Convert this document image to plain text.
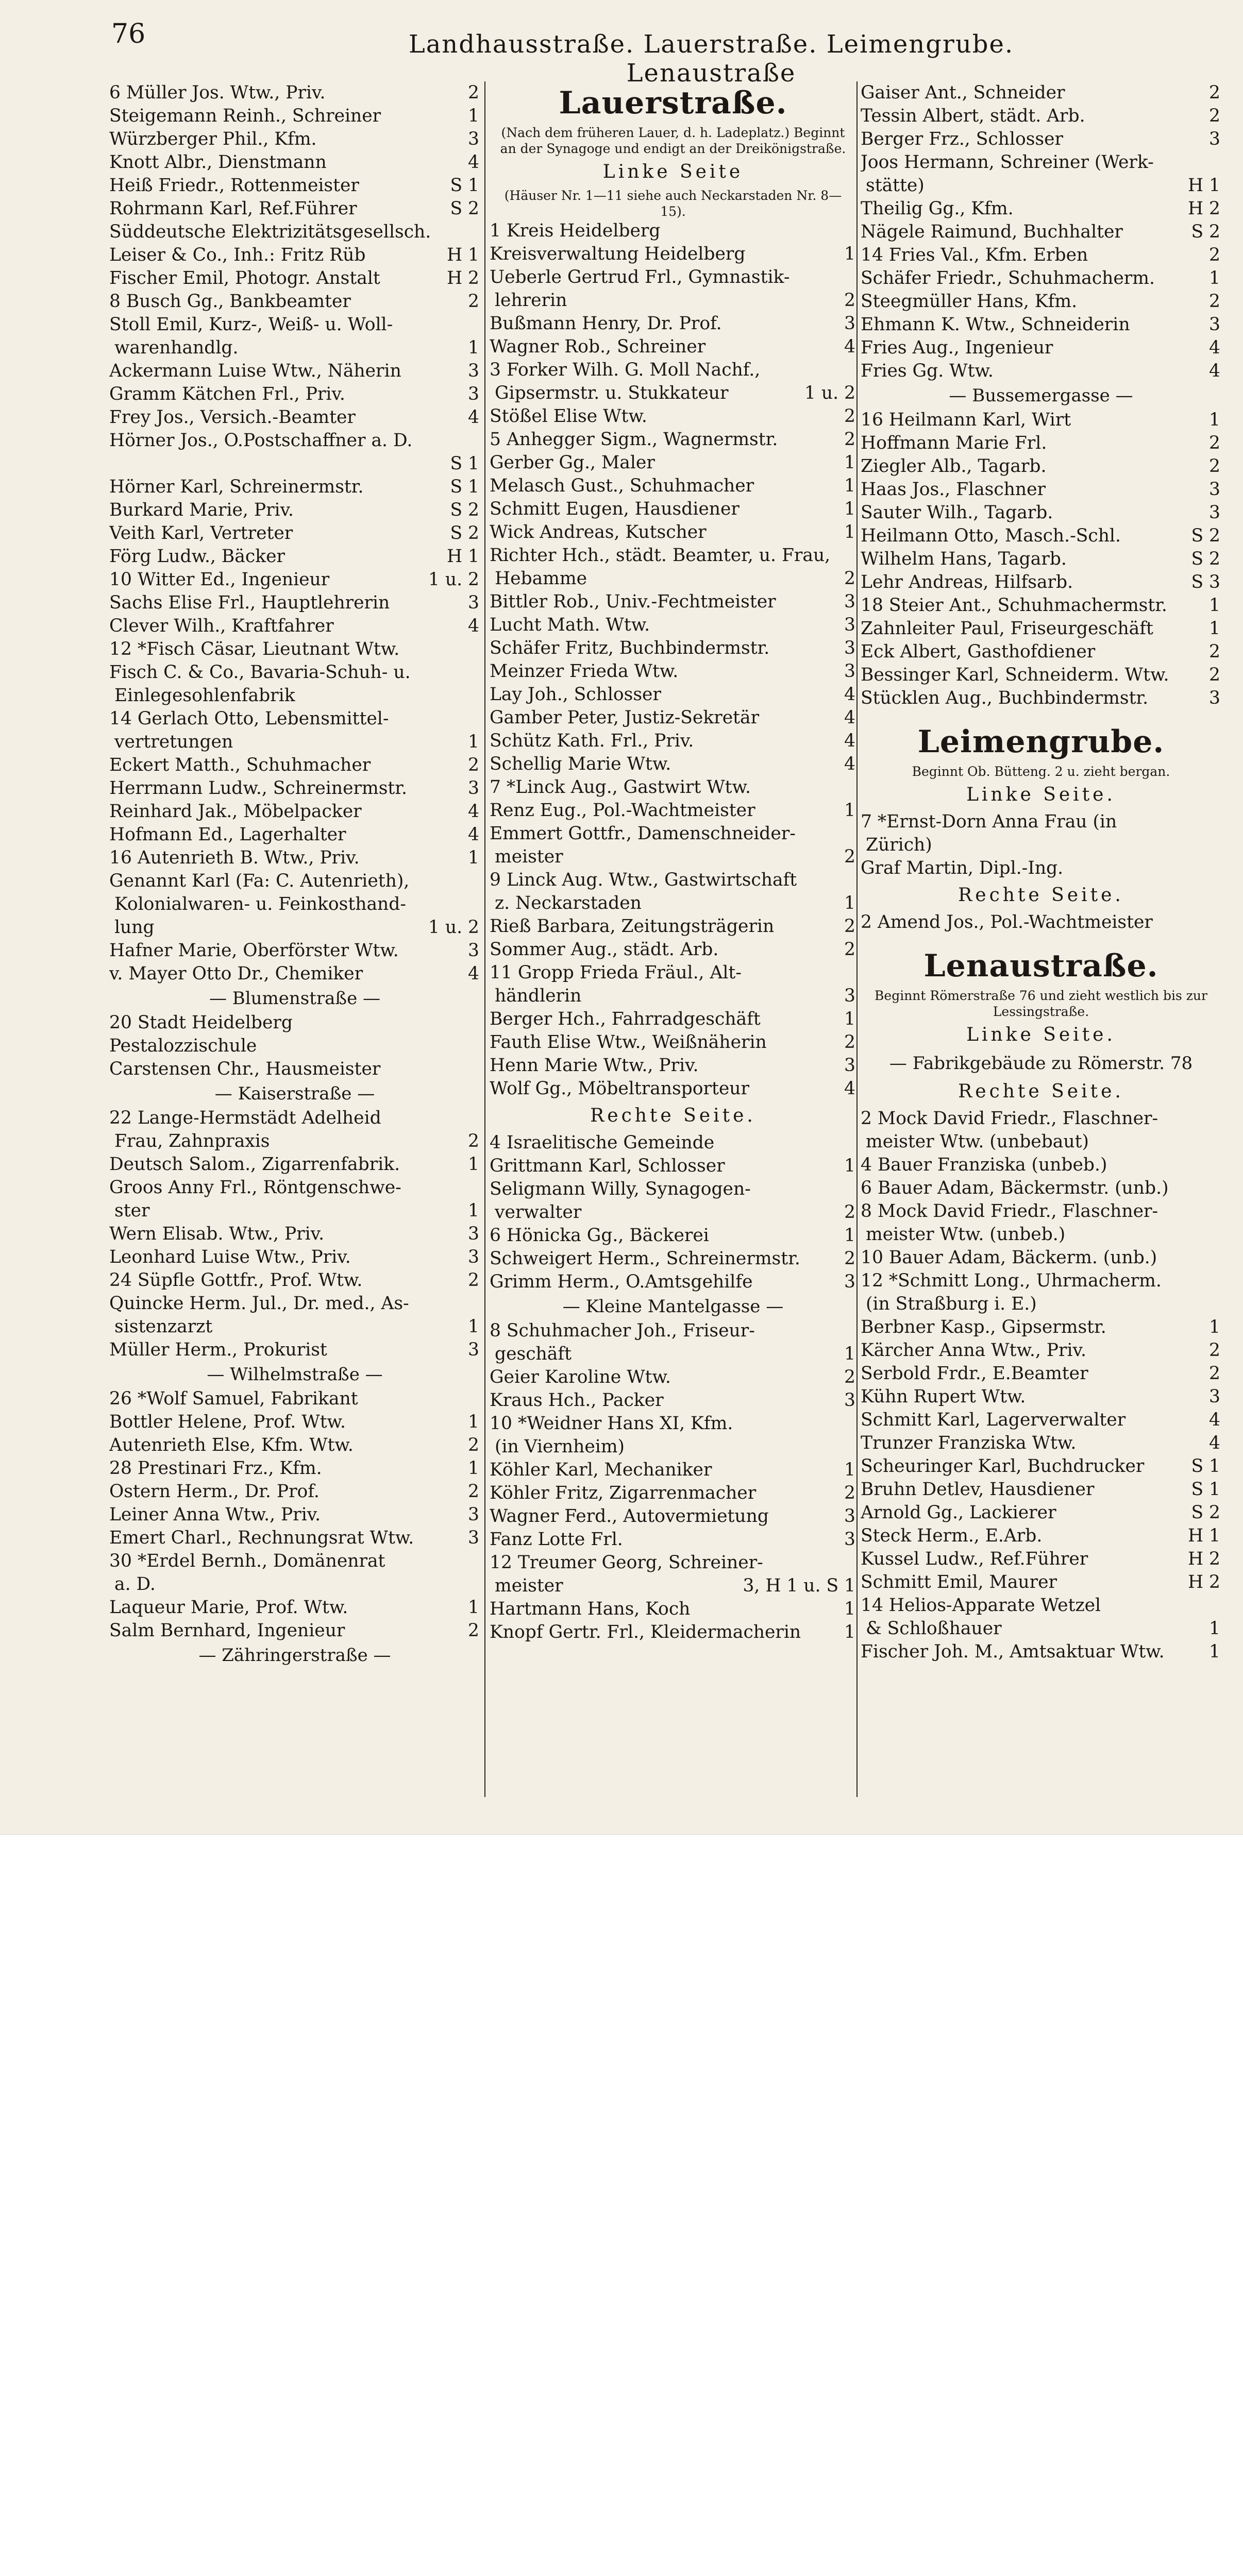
76	Landhausstraße. Lauerstraße. Leimengrube. Lenaustraße
6 Müller Jos. Wtw., Priv.	2
Steigemann Reinh., Schreiner	1
Würzberger Phil., Kfm.	3
Knott Albr., Dienstmann	4
Heiß Friedr., Rottenmeister	S 1
Rohrmann Karl, Ref.Führer	S 2
Süddeutsche Elektrizitätsgesellsch.
Leiser & Co., Inh.: Fritz Rüb	H 1
Fischer Emil, Photogr. Anstalt	H 2
8 Busch Gg., Bankbeamter	2
Stoll Emil, Kurz-, Weiß- u. Woll-
warenhandlg.	1
Ackermann Luise Wtw., Näherin	3
Gramm Kätchen Frl., Priv.	3
Frey Jos., Versich.-Beamter	4
Hörner Jos., O.Postschaffner a. D.
S 1
Hörner Karl, Schreinermstr.	S 1
Burkard Marie, Priv.	S 2
Veith Karl, Vertreter	S 2
Förg Ludw., Bäcker	H 1
10 Witter Ed., Ingenieur	1 u. 2
Sachs Elise Frl., Hauptlehrerin	3
Clever Wilh., Kraftfahrer	4
12 *Fisch Cäsar, Lieutnant Wtw.
Fisch C. & Co., Bavaria-Schuh- u.
Einlegesohlenfabrik
14 Gerlach Otto, Lebensmittel-
vertretungen	1
Eckert Matth., Schuhmacher	2
Herrmann Ludw., Schreinermstr.	3
Reinhard Jak., Möbelpacker	4
Hofmann Ed., Lagerhalter	4
16 Autenrieth B. Wtw., Priv.	1
Genannt Karl (Fa: C. Autenrieth),
Kolonialwaren- u. Feinkosthand-
lung	1 u. 2
Hafner Marie, Oberförster Wtw.	3
v. Mayer Otto Dr., Chemiker	4
— Blumenstraße —
20 Stadt Heidelberg
Pestalozzischule
Carstensen Chr., Hausmeister
— Kaiserstraße —
22 Lange-Hermstädt Adelheid
Frau, Zahnpraxis	2
Deutsch Salom., Zigarrenfabrik.	1
Groos Anny Frl., Röntgenschwe-
ster	1
Wern Elisab. Wtw., Priv.	3
Leonhard Luise Wtw., Priv.	3
24 Süpfle Gottfr., Prof. Wtw.	2
Quincke Herm. Jul., Dr. med., As-
sistenzarzt	1
Müller Herm., Prokurist	3
— Wilhelmstraße —
26 *Wolf Samuel, Fabrikant
Bottler Helene, Prof. Wtw.	1
Autenrieth Else, Kfm. Wtw.	2
28 Prestinari Frz., Kfm.	1
Ostern Herm., Dr. Prof.	2
Leiner Anna Wtw., Priv.	3
Emert Charl., Rechnungsrat Wtw.	3
30 *Erdel Bernh., Domänenrat
a. D.
Laqueur Marie, Prof. Wtw.	1
Salm Bernhard, Ingenieur	2
— Zähringerstraße —
Lauerstraße.
(Nach dem früheren Lauer, d. h. Ladeplatz.) Beginnt an der Synagoge und endigt an der Dreikönigstraße.
Linke Seite
(Häuser Nr. 1—11 siehe auch Neckarstaden Nr. 8—15).
1 Kreis Heidelberg
Kreisverwaltung Heidelberg	1
Ueberle Gertrud Frl., Gymnastik-
lehrerin	2
Bußmann Henry, Dr. Prof.	3
Wagner Rob., Schreiner	4
3 Forker Wilh. G. Moll Nachf.,
Gipsermstr. u. Stukkateur	1 u. 2
Stößel Elise Wtw.	2
5 Anhegger Sigm., Wagnermstr.	2
Gerber Gg., Maler	1
Melasch Gust., Schuhmacher	1
Schmitt Eugen, Hausdiener	1
Wick Andreas, Kutscher	1
Richter Hch., städt. Beamter, u. Frau,
Hebamme	2
Bittler Rob., Univ.-Fechtmeister	3
Lucht Math. Wtw.	3
Schäfer Fritz, Buchbindermstr.	3
Meinzer Frieda Wtw.	3
Lay Joh., Schlosser	4
Gamber Peter, Justiz-Sekretär	4
Schütz Kath. Frl., Priv.	4
Schellig Marie Wtw.	4
7 *Linck Aug., Gastwirt Wtw.
Renz Eug., Pol.-Wachtmeister	1
Emmert Gottfr., Damenschneider-
meister	2
9 Linck Aug. Wtw., Gastwirtschaft
z. Neckarstaden	1
Rieß Barbara, Zeitungsträgerin	2
Sommer Aug., städt. Arb.	2
11 Gropp Frieda Fräul., Alt-
händlerin	3
Berger Hch., Fahrradgeschäft	1
Fauth Elise Wtw., Weißnäherin	2
Henn Marie Wtw., Priv.	3
Wolf Gg., Möbeltransporteur	4
Rechte Seite.
4 Israelitische Gemeinde
Grittmann Karl, Schlosser	1
Seligmann Willy, Synagogen-
verwalter	2
6 Hönicka Gg., Bäckerei	1
Schweigert Herm., Schreinermstr. 2
Grimm Herm., O.Amtsgehilfe	3
— Kleine Mantelgasse —
8 Schuhmacher Joh., Friseur-
geschäft	1
Geier Karoline Wtw.	2
Kraus Hch., Packer	3
10 *Weidner Hans XI, Kfm.
(in Viernheim)
Köhler Karl, Mechaniker	1
Köhler Fritz, Zigarrenmacher	2
Wagner Ferd., Autovermietung	3
Fanz Lotte Frl.	3
12 Treumer Georg, Schreiner-
meister	3, H 1 u. S 1
Hartmann Hans, Koch	1
Knopf Gertr. Frl., Kleidermacherin 1
Gaiser Ant., Schneider	2
Tessin Albert, städt. Arb.	2
Berger Frz., Schlosser	3
Joos Hermann, Schreiner (Werk-
stätte)	H 1
Theilig Gg., Kfm.	H 2
Nägele Raimund, Buchhalter	S 2
14 Fries Val., Kfm. Erben	2
Schäfer Friedr., Schuhmacherm.	1
Steegmüller Hans, Kfm.	2
Ehmann K. Wtw., Schneiderin	3
Fries Aug., Ingenieur	4
Fries Gg. Wtw.	4
— Bussemergasse —
16 Heilmann Karl, Wirt	1
Hoffmann Marie Frl.	2
Ziegler Alb., Tagarb.	2
Haas Jos., Flaschner	3
Sauter Wilh., Tagarb.	3
Heilmann Otto, Masch.-Schl.	S 2
Wilhelm Hans, Tagarb.	S 2
Lehr Andreas, Hilfsarb.	S 3
18 Steier Ant., Schuhmachermstr. 1
Zahnleiter Paul, Friseurgeschäft	1
Eck Albert, Gasthofdiener	2
Bessinger Karl, Schneiderm. Wtw. 2
Stücklen Aug., Buchbindermstr.	3
Leimengrube.
Beginnt Ob. Bütteng. 2 u. zieht bergan.
Linke Seite.
7 *Ernst-Dorn Anna Frau (in
Zürich)
Graf Martin, Dipl.-Ing.
Rechte Seite.
2 Amend Jos., Pol.-Wachtmeister
Lenaustraße.
Beginnt Römerstraße 76 und zieht westlich bis zur Lessingstraße.
Linke Seite.
— Fabrikgebäude zu Römerstr. 78
Rechte Seite.
2 Mock David Friedr., Flaschner-
meister Wtw. (unbebaut)
4 Bauer Franziska (unbeb.)
6 Bauer Adam, Bäckermstr. (unb.)
8 Mock David Friedr., Flaschner-
meister Wtw. (unbeb.)
10 Bauer Adam, Bäckerm. (unb.)
12 *Schmitt Long., Uhrmacherm.
(in Straßburg i. E.)
Berbner Kasp., Gipsermstr.	1
Kärcher Anna Wtw., Priv.	2
Serbold Frdr., E.Beamter	2
Kühn Rupert Wtw.	3
Schmitt Karl, Lagerverwalter	4
Trunzer Franziska Wtw.	4
Scheuringer Karl, Buchdrucker	S 1
Bruhn Detlev, Hausdiener	S 1
Arnold Gg., Lackierer	S 2
Steck Herm., E.Arb.	H 1
Kussel Ludw., Ref.Führer	H 2
Schmitt Emil, Maurer	H 2
14 Helios-Apparate Wetzel
& Schloßhauer	1
Fischer Joh. M., Amtsaktuar Wtw.	1
